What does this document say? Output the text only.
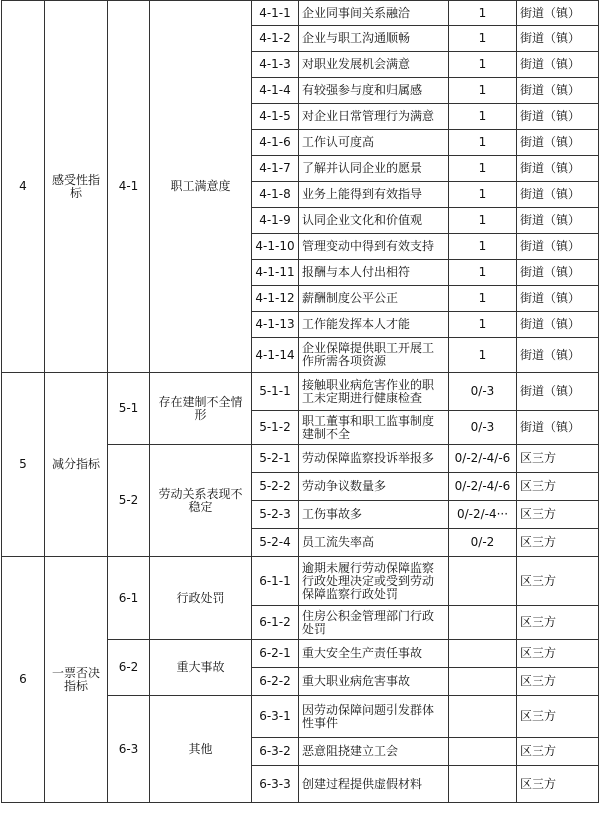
4	感受性指标	4-1	职工满意度	4-1-1	企业同事间关系融洽	1	街道（镇）
				4-1-2	企业与职工沟通顺畅	1	街道（镇）
				4-1-3	对职业发展机会满意	1	街道（镇）
				4-1-4	有较强参与度和归属感	1	街道（镇）
				4-1-5	对企业日常管理行为满意	1	街道（镇）
				4-1-6	工作认可度高	1	街道（镇）
				4-1-7	了解并认同企业的愿景	1	街道（镇）
				4-1-8	业务上能得到有效指导	1	街道（镇）
				4-1-9	认同企业文化和价值观	1	街道（镇）
				4-1-10	管理变动中得到有效支持	1	街道（镇）
				4-1-11	报酬与本人付出相符	1	街道（镇）
				4-1-12	薪酬制度公平公正	1	街道（镇）
				4-1-13	工作能发挥本人才能	1	街道（镇）
				4-1-14	企业保障提供职工开展工作所需各项资源	1	街道（镇）
5	减分指标	5-1	存在建制不全情形	5-1-1	接触职业病危害作业的职工未定期进行健康检查	0/-3	街道（镇）
				5-1-2	职工董事和职工监事制度建制不全	0/-3	街道（镇）
		5-2	劳动关系表现不稳定	5-2-1	劳动保障监察投诉举报多	0/-2/-4/-6	区三方
				5-2-2	劳动争议数量多	0/-2/-4/-6	区三方
				5-2-3	工伤事故多	0/-2/-4···	区三方
				5-2-4	员工流失率高	0/-2	区三方
6	一票否决指标	6-1	行政处罚	6-1-1	逾期未履行劳动保障监察行政处理决定或受到劳动保障监察行政处罚		区三方
				6-1-2	住房公积金管理部门行政处罚		区三方
		6-2	重大事故	6-2-1	重大安全生产责任事故		区三方
				6-2-2	重大职业病危害事故		区三方
		6-3	其他	6-3-1	因劳动保障问题引发群体性事件		区三方
				6-3-2	恶意阻挠建立工会		区三方
				6-3-3	创建过程提供虚假材料		区三方
